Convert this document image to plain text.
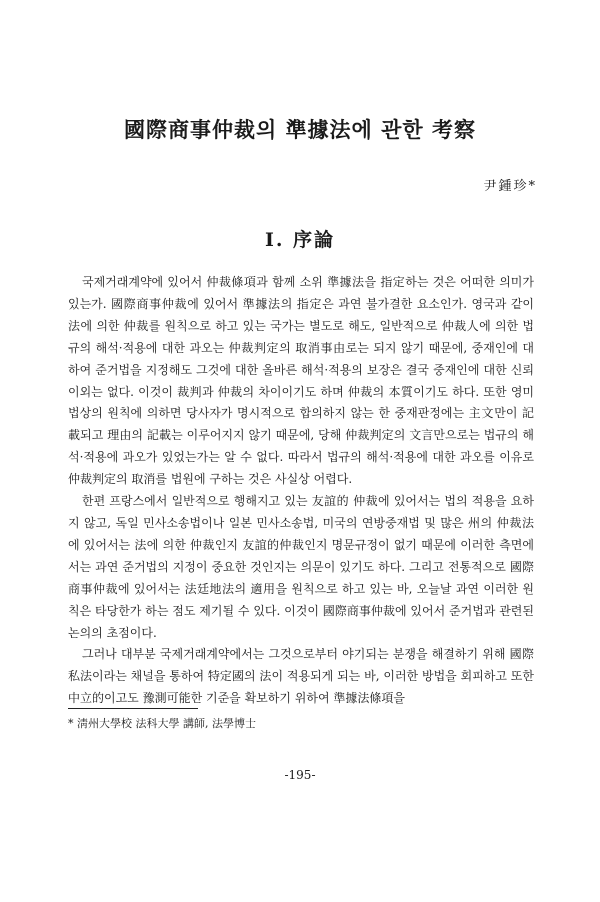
國際商事仲裁의 準據法에 관한 考察
尹鍾珍*
I. 序論

국제거래계약에 있어서 仲裁條項과 함께 소위 準據法을 指定하는 것은 어떠한 의미가 있는가. 國際商事仲裁에 있어서 準據法의 指定은 과연 불가결한 요소인가. 영국과 같이 法에 의한 仲裁를 원칙으로 하고 있는 국가는 별도로 해도, 일반적으로 仲裁人에 의한 법규의 해석·적용에 대한 과오는 仲裁判定의 取消事由로는 되지 않기 때문에, 중재인에 대하여 준거법을 지정해도 그것에 대한 올바른 해석·적용의 보장은 결국 중재인에 대한 신뢰 이외는 없다. 이것이 裁判과 仲裁의 차이이기도 하며 仲裁의 本質이기도 하다. 또한 영미법상의 원칙에 의하면 당사자가 명시적으로 합의하지 않는 한 중재판정에는 主文만이 記載되고 理由의 記載는 이루어지지 않기 때문에, 당해 仲裁判定의 文言만으로는 법규의 해석·적용에 과오가 있었는가는 알 수 없다. 따라서 법규의 해석·적용에 대한 과오를 이유로 仲裁判定의 取消를 법원에 구하는 것은 사실상 어렵다.

한편 프랑스에서 일반적으로 행해지고 있는 友誼的 仲裁에 있어서는 법의 적용을 요하지 않고, 독일 민사소송법이나 일본 민사소송법, 미국의 연방중재법 및 많은 州의 仲裁法에 있어서는 法에 의한 仲裁인지 友誼的仲裁인지 명문규정이 없기 때문에 이러한 측면에서는 과연 준거법의 지정이 중요한 것인지는 의문이 있기도 하다. 그리고 전통적으로 國際商事仲裁에 있어서는 法廷地法의 適用을 원칙으로 하고 있는 바, 오늘날 과연 이러한 원칙은 타당한가 하는 점도 제기될 수 있다. 이것이 國際商事仲裁에 있어서 준거법과 관련된 논의의 초점이다.

그러나 대부분 국제거래계약에서는 그것으로부터 야기되는 분쟁을 해결하기 위해 國際私法이라는 채널을 통하여 特定國의 法이 적용되게 되는 바, 이러한 방법을 회피하고 또한 中立的이고도 豫測可能한 기준을 확보하기 위하여 準據法條項을

* 淸州大學校 法科大學 講師, 法學博士
-195-
